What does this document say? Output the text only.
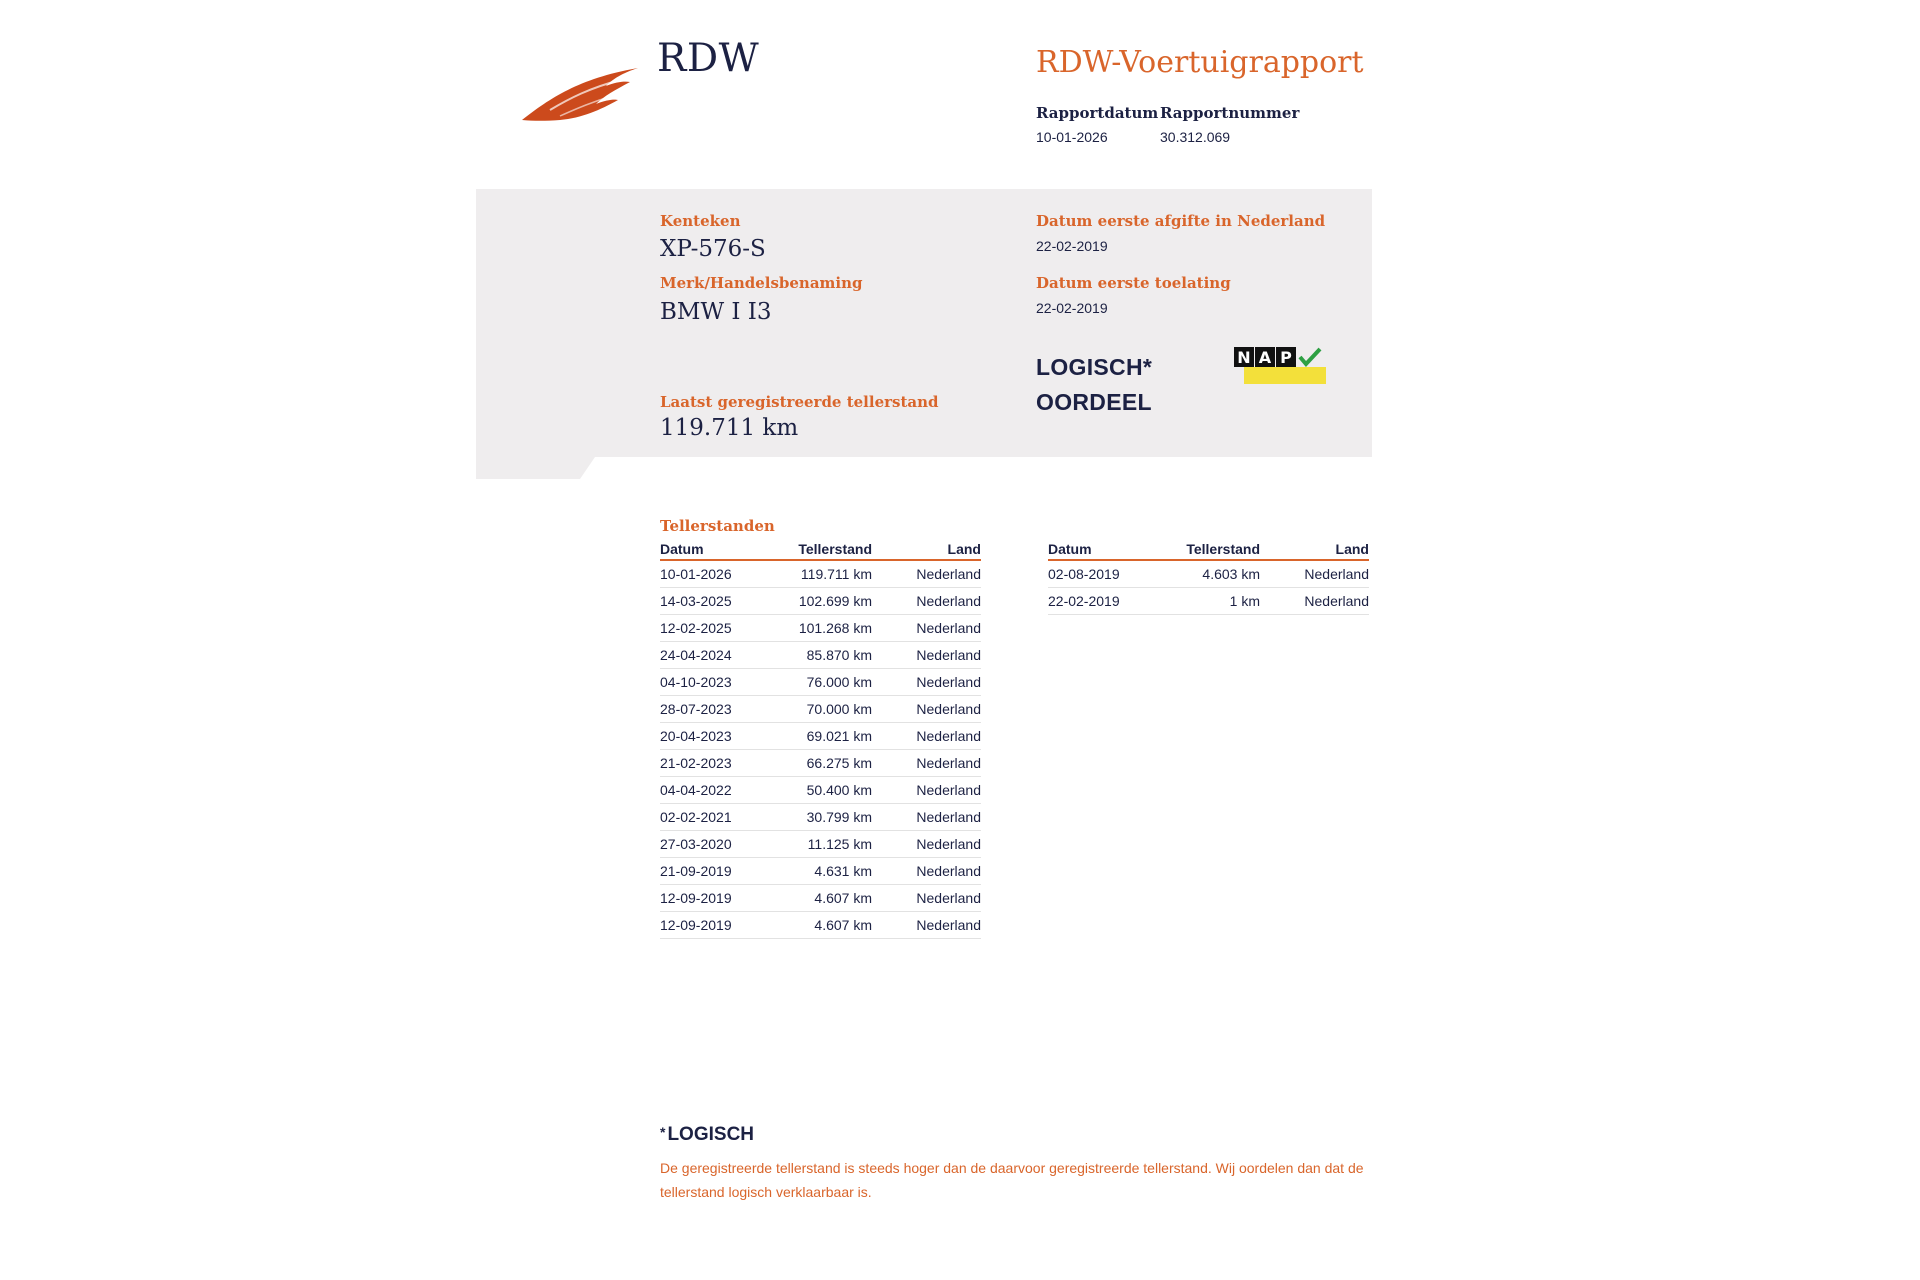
RDW	RDW-Voertuigrapport
Rapportdatum
10-01-2026
Rapportnummer
30.312.069
Kenteken
XP-576-S
Merk/Handelsbenaming
BMW I I3
Laatst geregistreerde tellerstand
119.711 km
Datum eerste afgifte in Nederland
22-02-2019
Datum eerste toelating
22-02-2019
LOGISCH*
OORDEEL
N A P
Tellerstanden
Datum	Tellerstand	Land
10-01-2026	119.711 km	Nederland
14-03-2025	102.699 km	Nederland
12-02-2025	101.268 km	Nederland
24-04-2024	85.870 km	Nederland
04-10-2023	76.000 km	Nederland
28-07-2023	70.000 km	Nederland
20-04-2023	69.021 km	Nederland
21-02-2023	66.275 km	Nederland
04-04-2022	50.400 km	Nederland
02-02-2021	30.799 km	Nederland
27-03-2020	11.125 km	Nederland
21-09-2019	4.631 km	Nederland
12-09-2019	4.607 km	Nederland
12-09-2019	4.607 km	Nederland
Datum	Tellerstand	Land
02-08-2019	4.603 km	Nederland
22-02-2019	1 km	Nederland
* LOGISCH
De geregistreerde tellerstand is steeds hoger dan de daarvoor geregistreerde tellerstand. Wij oordelen dan dat de tellerstand logisch verklaarbaar is.
